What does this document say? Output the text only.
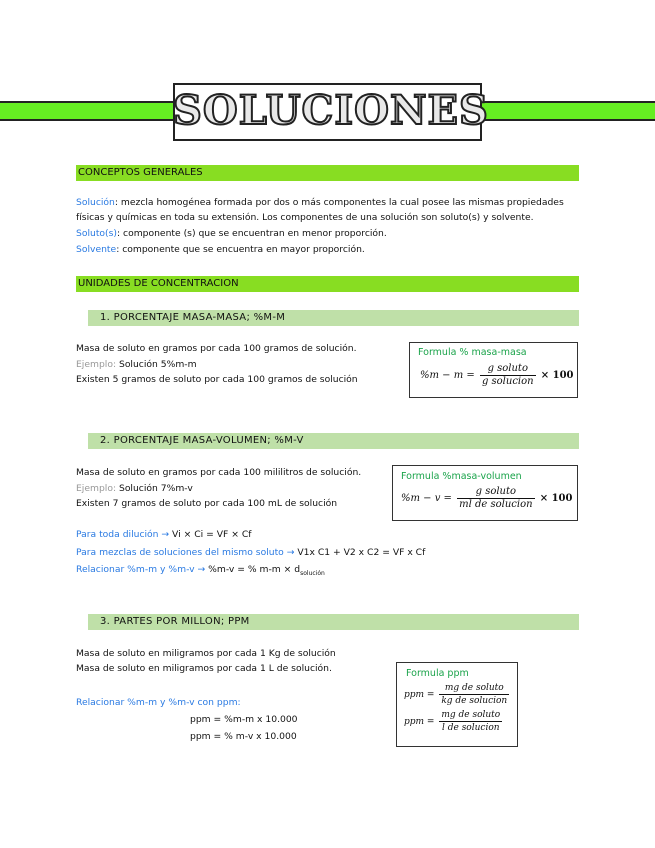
SOLUCIONES
CONCEPTOS GENERALES
Solución: mezcla homogénea formada por dos o más componentes la cual posee las mismas propiedades
físicas y químicas en toda su extensión. Los componentes de una solución son soluto(s) y solvente.
Soluto(s): componente (s) que se encuentran en menor proporción.
Solvente: componente que se encuentra en mayor proporción.
UNIDADES DE CONCENTRACION
1. PORCENTAJE MASA-MASA; %M-M
Masa de soluto en gramos por cada 100 gramos de solución.
Ejemplo: Solución 5%m-m
Existen 5 gramos de soluto por cada 100 gramos de solución
Formula % masa-masa
$\%m - m = \frac{\text{g soluto}}{\text{g solucion}} \times 100$
2. PORCENTAJE MASA-VOLUMEN; %M-V
Masa de soluto en gramos por cada 100 mililitros de solución.
Ejemplo: Solución 7%m-v
Existen 7 gramos de soluto por cada 100 mL de solución
Formula %masa-volumen
$\%m - v = \frac{\text{g soluto}}{\text{ml de solucion}} \times 100$
Para toda dilución → Vi × Ci = VF × Cf
Para mezclas de soluciones del mismo soluto → V1x C1 + V2 x C2 = VF x Cf
Relacionar %m-m y %m-v → %m-v = % $m-m \times d_{solución}$
3. PARTES POR MILLON; PPM
Masa de soluto en miligramos por cada 1 Kg de solución
Masa de soluto en miligramos por cada 1 L de solución.
Relacionar %m-m y %m-v con ppm:
ppm = %m-m x 10.000
ppm = % m-v x 10.000
Formula ppm
ppm = $\frac{\text{mg de soluto}}{\text{kg de solucion}}$
ppm = $\frac{\text{mg de soluto}}{\text{l de solucion}}$
